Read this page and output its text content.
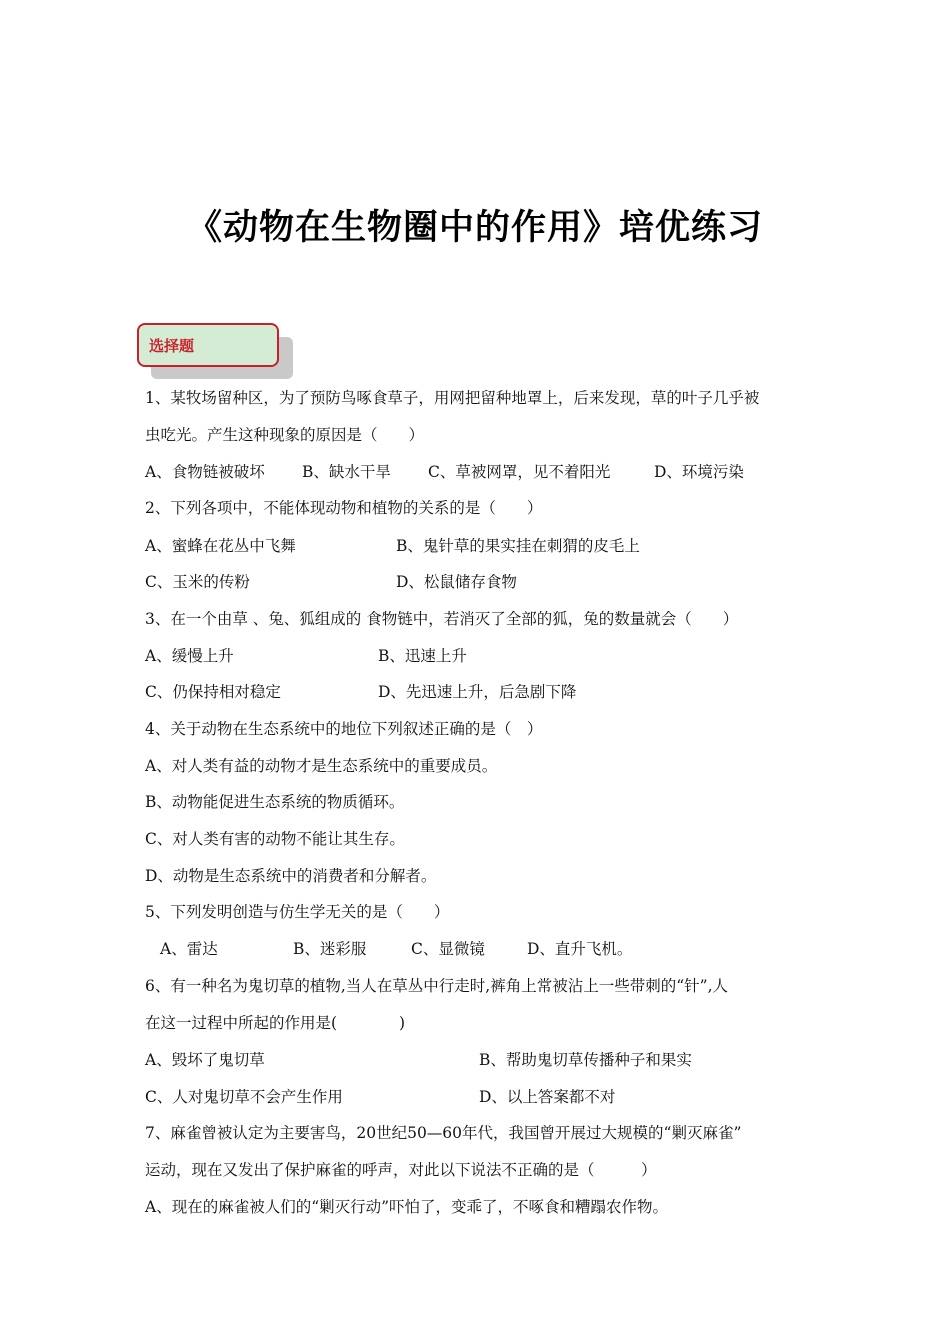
《动物在生物圈中的作用》培优练习
选择题
1、某牧场留种区，为了预防鸟啄食草子，用网把留种地罩上，后来发现，草的叶子几乎被
虫吃光。产生这种现象的原因是（　　）
A、食物链被破坏 B、缺水干旱 C、草被网罩，见不着阳光	D、环境污染
2、下列各项中，不能体现动物和植物的关系的是（　　）
A、蜜蜂在花丛中飞舞	B、鬼针草的果实挂在刺猬的皮毛上
C、玉米的传粉	D、松鼠储存食物
3、在一个由草 、兔、狐组成的 食物链中，若消灭了全部的狐，兔的数量就会（　　）
A、缓慢上升	B、迅速上升
C、仍保持相对稳定	D、先迅速上升，后急剧下降
4、关于动物在生态系统中的地位下列叙述正确的是（　）
A、对人类有益的动物才是生态系统中的重要成员。
B、动物能促进生态系统的物质循环。
C、对人类有害的动物不能让其生存。
D、动物是生态系统中的消费者和分解者。
5、下列发明创造与仿生学无关的是（　　）
A、雷达	B、迷彩服	C、显微镜	D、直升飞机。
6、有一种名为鬼切草的植物,当人在草丛中行走时,裤角上常被沾上一些带刺的“针”,人
在这一过程中所起的作用是(　　　　)
A、毁坏了鬼切草	B、帮助鬼切草传播种子和果实
C、人对鬼切草不会产生作用	D、以上答案都不对
7、麻雀曾被认定为主要害鸟，20世纪50—60年代，我国曾开展过大规模的“剿灭麻雀”
运动，现在又发出了保护麻雀的呼声，对此以下说法不正确的是（　　　）
A、现在的麻雀被人们的“剿灭行动”吓怕了，变乖了，不啄食和糟蹋农作物。
